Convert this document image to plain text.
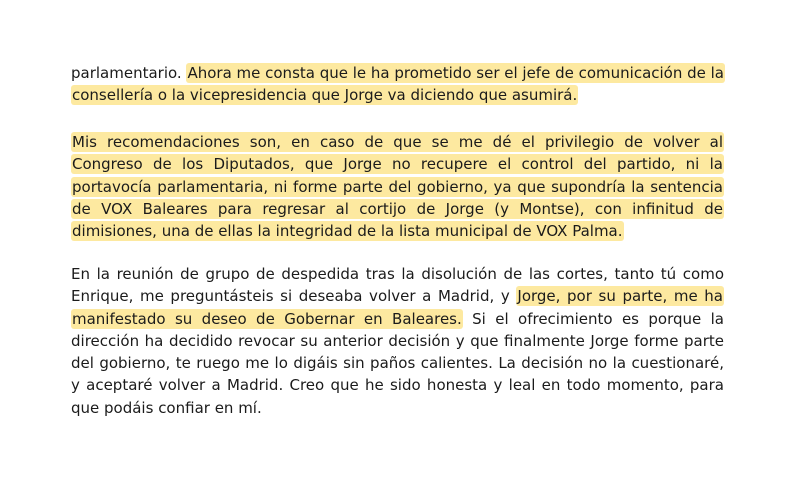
parlamentario. Ahora me consta que le ha prometido ser el jefe de comunicación de la consellería o la vicepresidencia que Jorge va diciendo que asumirá.

Mis recomendaciones son, en caso de que se me dé el privilegio de volver al Congreso de los Diputados, que Jorge no recupere el control del partido, ni la portavocía parlamentaria, ni forme parte del gobierno, ya que supondría la sentencia de VOX Baleares para regresar al cortijo de Jorge (y Montse), con infinitud de dimisiones, una de ellas la integridad de la lista municipal de VOX Palma.

En la reunión de grupo de despedida tras la disolución de las cortes, tanto tú como Enrique, me preguntásteis si deseaba volver a Madrid, y Jorge, por su parte, me ha manifestado su deseo de Gobernar en Baleares. Si el ofrecimiento es porque la dirección ha decidido revocar su anterior decisión y que finalmente Jorge forme parte del gobierno, te ruego me lo digáis sin paños calientes. La decisión no la cuestionaré, y aceptaré volver a Madrid. Creo que he sido honesta y leal en todo momento, para que podáis confiar en mí.
